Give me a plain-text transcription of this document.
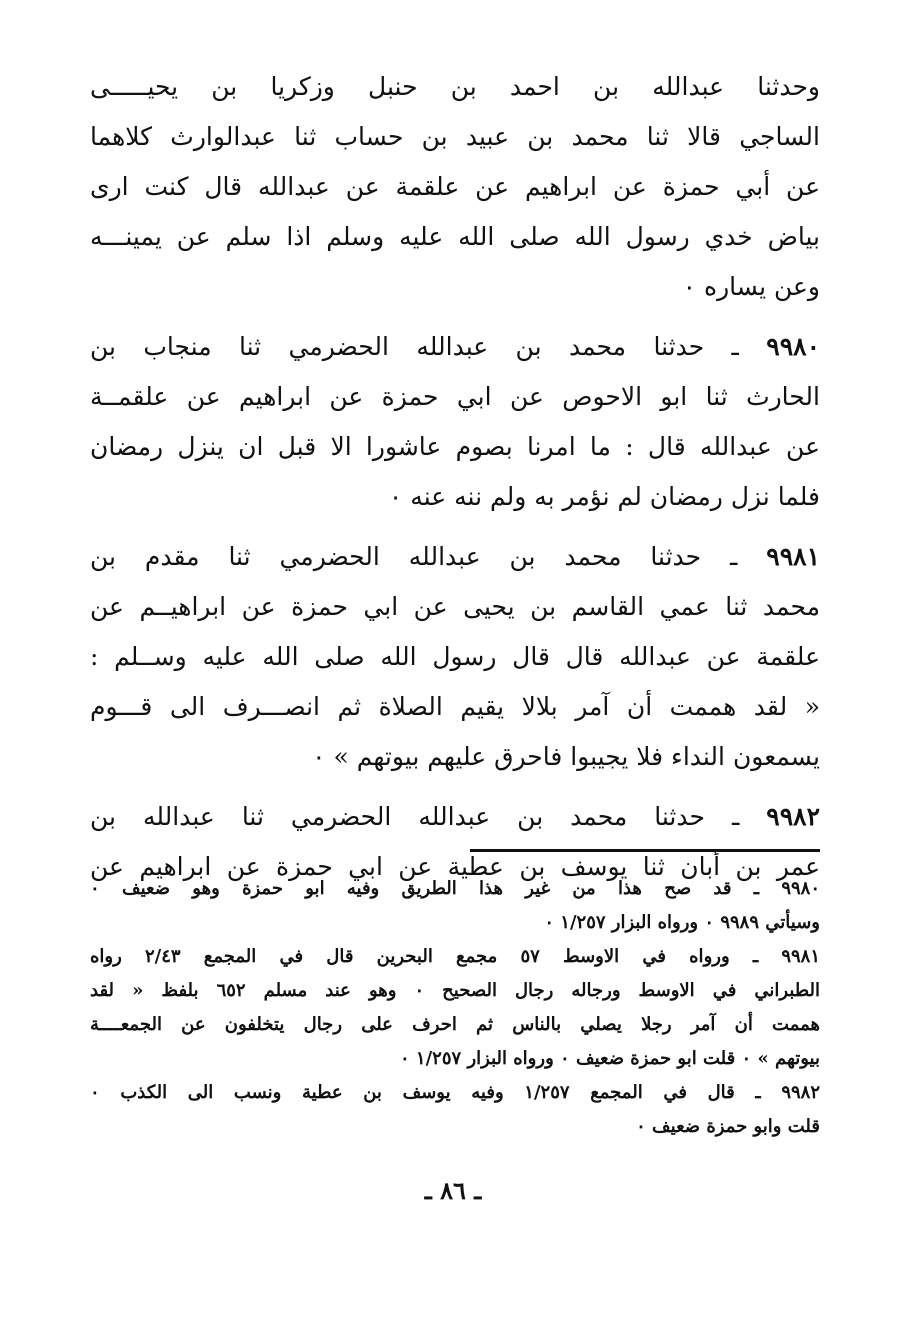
وحدثنا عبدالله بن احمد بن حنبل وزكريا بن يحيـــــى
الساجي قالا ثنا محمد بن عبيد بن حساب ثنا عبدالوارث كلاهما
عن أبي حمزة عن ابراهيم عن علقمة عن عبدالله قال كنت ارى
بياض خدي رسول الله صلى الله عليه وسلم اذا سلم عن يمينـــه
وعن يساره ٠

٩٩٨٠ ـ حدثنا محمد بن عبدالله الحضرمي ثنا منجاب بن
الحارث ثنا ابو الاحوص عن ابي حمزة عن ابراهيم عن علقمــة
عن عبدالله قال : ما امرنا بصوم عاشورا الا قبل ان ينزل رمضان
فلما نزل رمضان لم نؤمر به ولم ننه عنه ٠

٩٩٨١ ـ حدثنا محمد بن عبدالله الحضرمي ثنا مقدم بن
محمد ثنا عمي القاسم بن يحيى عن ابي حمزة عن ابراهيــم عن
علقمة عن عبدالله قال قال رسول الله صلى الله عليه وســلم :
« لقد هممت أن آمر بلالا يقيم الصلاة ثم انصـــرف الى قـــوم
يسمعون النداء فلا يجيبوا فاحرق عليهم بيوتهم » ٠

٩٩٨٢ ـ حدثنا محمد بن عبدالله الحضرمي ثنا عبدالله بن
عمر بن أبان ثنا يوسف بن عطية عن ابي حمزة عن ابراهيم عن

٩٩٨٠ ـ قد صح هذا من غير هذا الطريق وفيه ابو حمزة وهو ضعيف ٠
وسيأتي ٩٩٨٩ ٠ ورواه البزار ١/٢٥٧ ٠

٩٩٨١ ـ ورواه في الاوسط ٥٧ مجمع البحرين قال في المجمع ٢/٤٣ رواه
الطبراني في الاوسط ورجاله رجال الصحيح ٠ وهو عند مسلم ٦٥٢ بلفظ « لقد
هممت أن آمر رجلا يصلي بالناس ثم احرف على رجال يتخلفون عن الجمعــــة
بيوتهم » ٠ قلت ابو حمزة ضعيف ٠ ورواه البزار ١/٢٥٧ ٠

٩٩٨٢ ـ قال في المجمع ١/٢٥٧ وفيه يوسف بن عطية ونسب الى الكذب ٠
قلت وابو حمزة ضعيف ٠

ـ ٨٦ ـ
